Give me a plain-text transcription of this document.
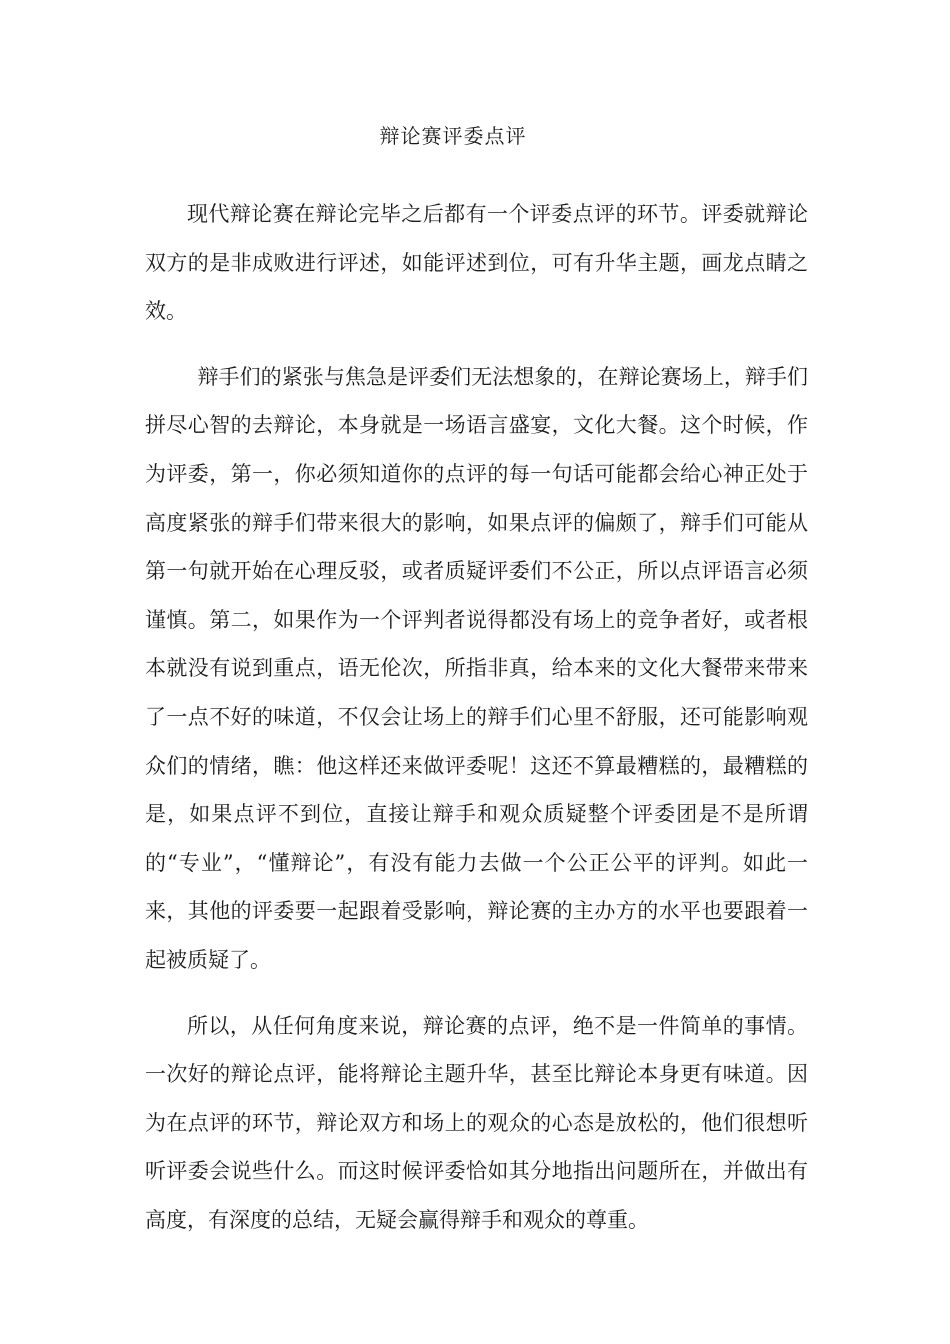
辩论赛评委点评

现代辩论赛在辩论完毕之后都有一个评委点评的环节。评委就辩论双方的是非成败进行评述，如能评述到位，可有升华主题，画龙点睛之效。

辩手们的紧张与焦急是评委们无法想象的，在辩论赛场上，辩手们拼尽心智的去辩论，本身就是一场语言盛宴，文化大餐。这个时候，作为评委，第一，你必须知道你的点评的每一句话可能都会给心神正处于高度紧张的辩手们带来很大的影响，如果点评的偏颇了，辩手们可能从第一句就开始在心理反驳，或者质疑评委们不公正，所以点评语言必须谨慎。第二，如果作为一个评判者说得都没有场上的竞争者好，或者根本就没有说到重点，语无伦次，所指非真，给本来的文化大餐带来带来了一点不好的味道，不仅会让场上的辩手们心里不舒服，还可能影响观众们的情绪，瞧：他这样还来做评委呢！这还不算最糟糕的，最糟糕的是，如果点评不到位，直接让辩手和观众质疑整个评委团是不是所谓的“专业”，“懂辩论”，有没有能力去做一个公正公平的评判。如此一来，其他的评委要一起跟着受影响，辩论赛的主办方的水平也要跟着一起被质疑了。

所以，从任何角度来说，辩论赛的点评，绝不是一件简单的事情。一次好的辩论点评，能将辩论主题升华，甚至比辩论本身更有味道。因为在点评的环节，辩论双方和场上的观众的心态是放松的，他们很想听听评委会说些什么。而这时候评委恰如其分地指出问题所在，并做出有高度，有深度的总结，无疑会赢得辩手和观众的尊重。
